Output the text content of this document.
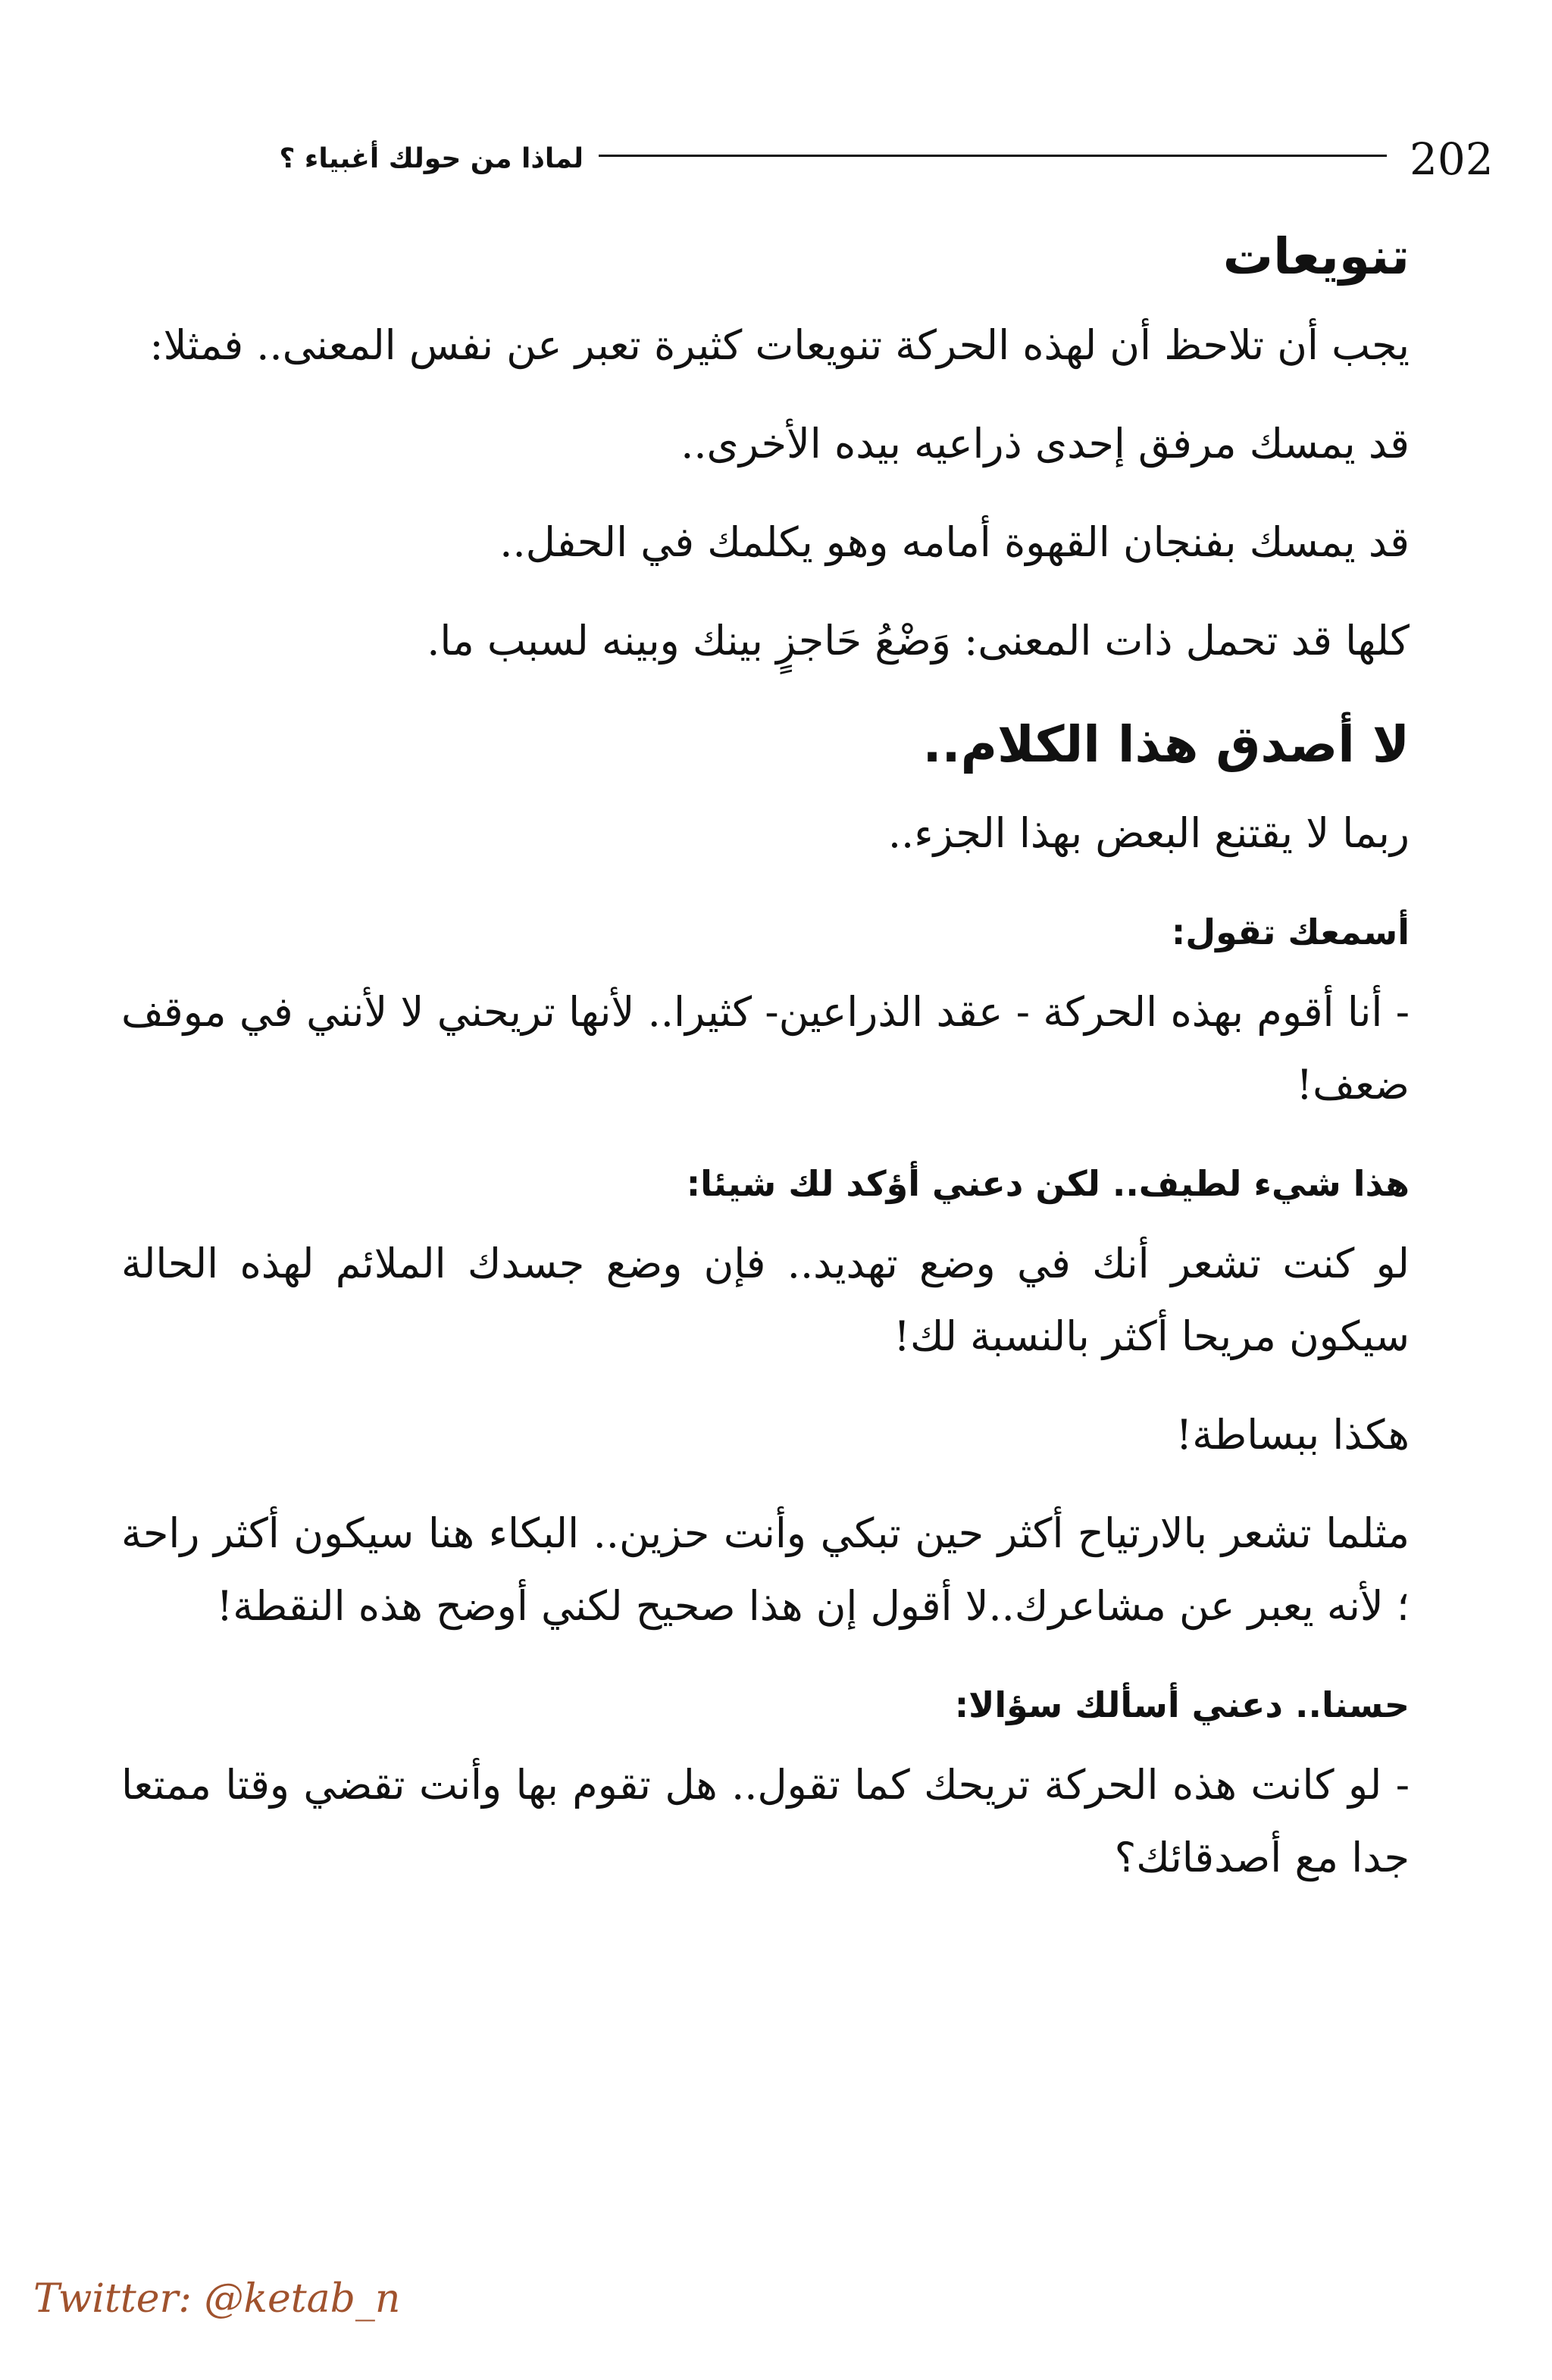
لماذا من حولك أغبياء ؟	202
تنويعات

يجب أن تلاحظ أن لهذه الحركة تنويعات كثيرة تعبر عن نفس المعنى.. فمثلا:

قد يمسك مرفق إحدى ذراعيه بيده الأخرى..

قد يمسك بفنجان القهوة أمامه وهو يكلمك في الحفل..

كلها قد تحمل ذات المعنى: وَضْعُ حَاجزٍ بينك وبينه لسبب ما.

لا أصدق هذا الكلام..

ربما لا يقتنع البعض بهذا الجزء..

أسمعك تقول:

- أنا أقوم بهذه الحركة - عقد الذراعين- كثيرا.. لأنها تريحني لا لأنني في موقف ضعف!

هذا شيء لطيف.. لكن دعني أؤكد لك شيئا:

لو كنت تشعر أنك في وضع تهديد.. فإن وضع جسدك الملائم لهذه الحالة سيكون مريحا أكثر بالنسبة لك!

هكذا ببساطة!

مثلما تشعر بالارتياح أكثر حين تبكي وأنت حزين.. البكاء هنا سيكون أكثر راحة ؛ لأنه يعبر عن مشاعرك..لا أقول إن هذا صحيح لكني أوضح هذه النقطة!

حسنا.. دعني أسألك سؤالا:

- لو كانت هذه الحركة تريحك كما تقول.. هل تقوم بها وأنت تقضي وقتا ممتعا جدا مع أصدقائك؟

Twitter: @ketab_n
